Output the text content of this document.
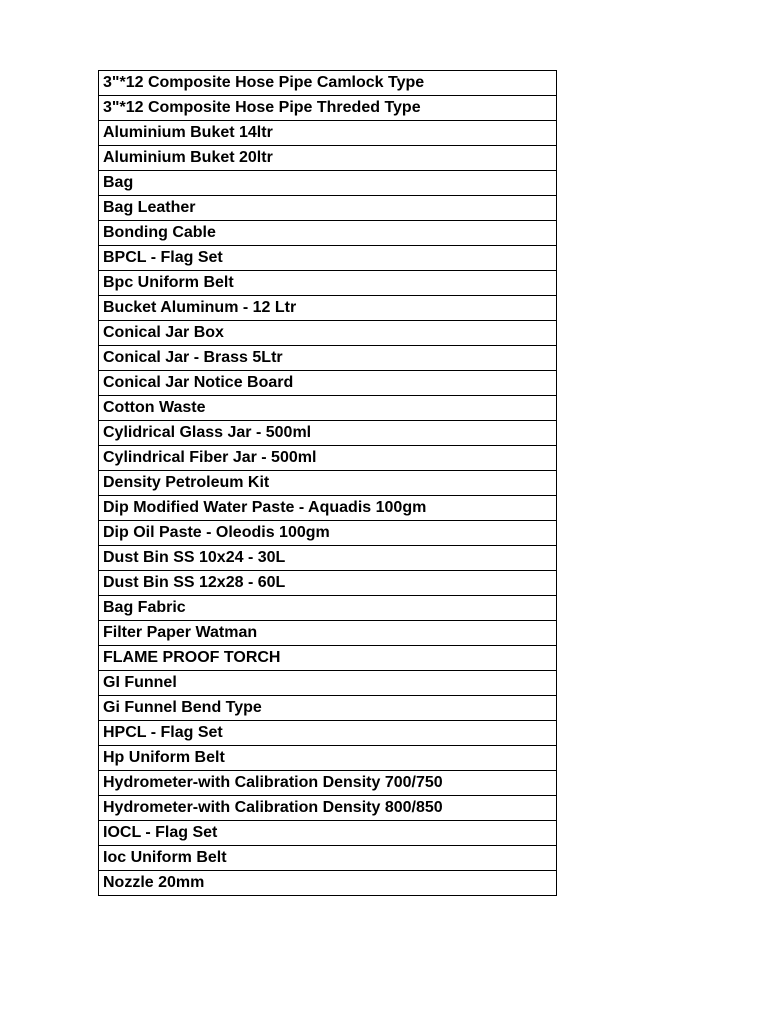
3"*12 Composite Hose Pipe Camlock Type
3"*12 Composite Hose Pipe Threded Type
Aluminium Buket 14ltr
Aluminium Buket 20ltr
Bag
Bag Leather
Bonding Cable
BPCL - Flag Set
Bpc Uniform Belt
Bucket Aluminum - 12 Ltr
Conical Jar Box
Conical Jar - Brass 5Ltr
Conical Jar Notice Board
Cotton Waste
Cylidrical Glass Jar - 500ml
Cylindrical Fiber Jar - 500ml
Density Petroleum Kit
Dip Modified Water Paste - Aquadis 100gm
Dip Oil Paste - Oleodis 100gm
Dust Bin SS 10x24 - 30L
Dust Bin SS 12x28 - 60L
Bag Fabric
Filter Paper Watman
FLAME PROOF TORCH
GI Funnel
Gi Funnel Bend Type
HPCL - Flag Set
Hp Uniform Belt
Hydrometer-with Calibration Density 700/750
Hydrometer-with Calibration Density 800/850
IOCL - Flag Set
Ioc Uniform Belt
Nozzle 20mm
